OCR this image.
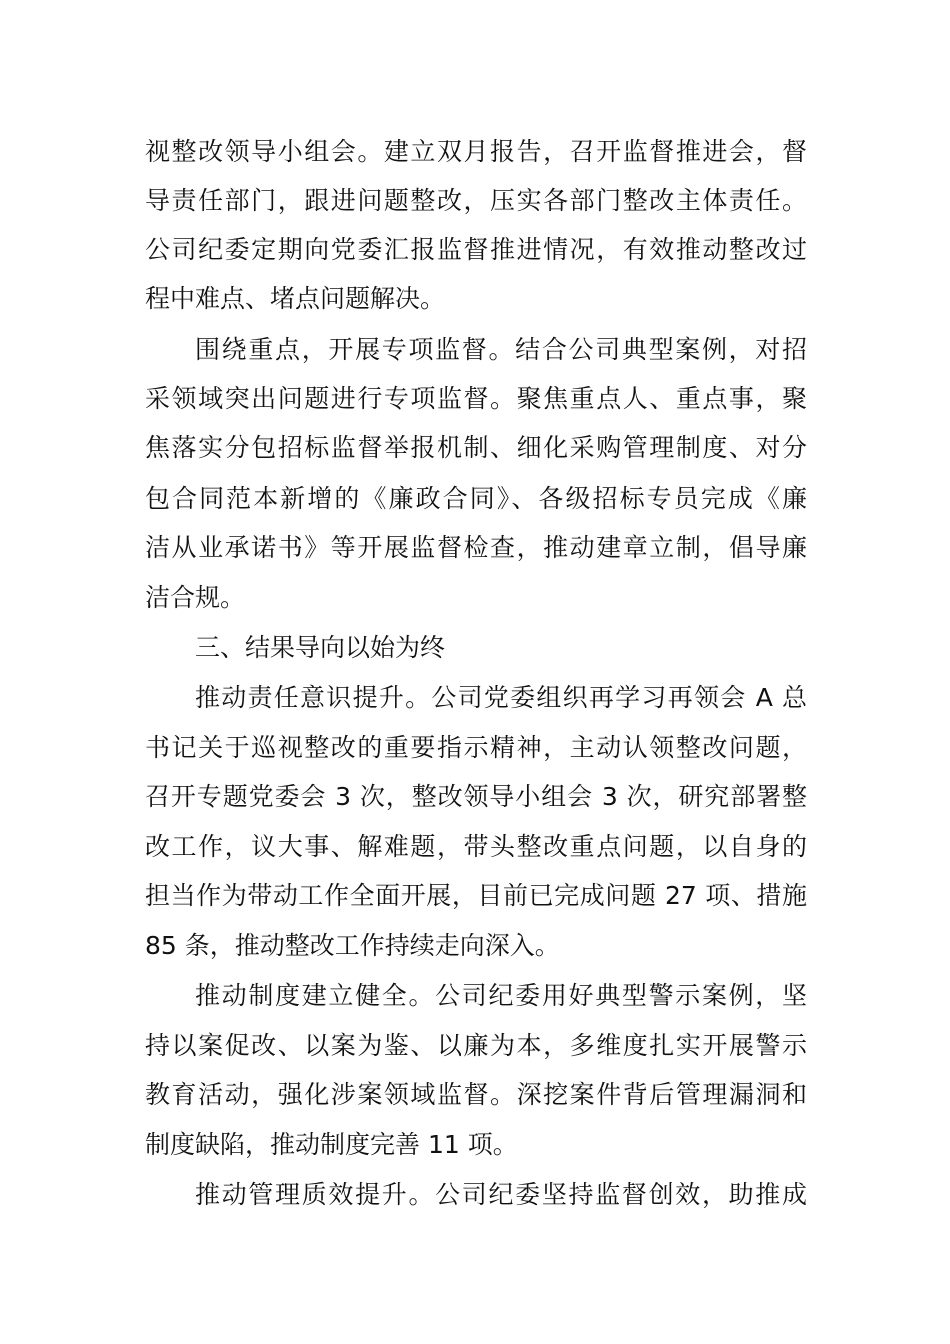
视整改领导小组会。建立双月报告，召开监督推进会，督
导责任部门，跟进问题整改，压实各部门整改主体责任。
公司纪委定期向党委汇报监督推进情况，有效推动整改过
程中难点、堵点问题解决。
围绕重点，开展专项监督。结合公司典型案例，对招
采领域突出问题进行专项监督。聚焦重点人、重点事，聚
焦落实分包招标监督举报机制、细化采购管理制度、对分
包合同范本新增的《廉政合同》、各级招标专员完成《廉
洁从业承诺书》等开展监督检查，推动建章立制，倡导廉
洁合规。
三、结果导向以始为终
推动责任意识提升。公司党委组织再学习再领会 A 总
书记关于巡视整改的重要指示精神，主动认领整改问题，
召开专题党委会 3 次，整改领导小组会 3 次，研究部署整
改工作，议大事、解难题，带头整改重点问题，以自身的
担当作为带动工作全面开展，目前已完成问题 27 项、措施
85 条，推动整改工作持续走向深入。
推动制度建立健全。公司纪委用好典型警示案例，坚
持以案促改、以案为鉴、以廉为本，多维度扎实开展警示
教育活动，强化涉案领域监督。深挖案件背后管理漏洞和
制度缺陷，推动制度完善 11 项。
推动管理质效提升。公司纪委坚持监督创效，助推成
